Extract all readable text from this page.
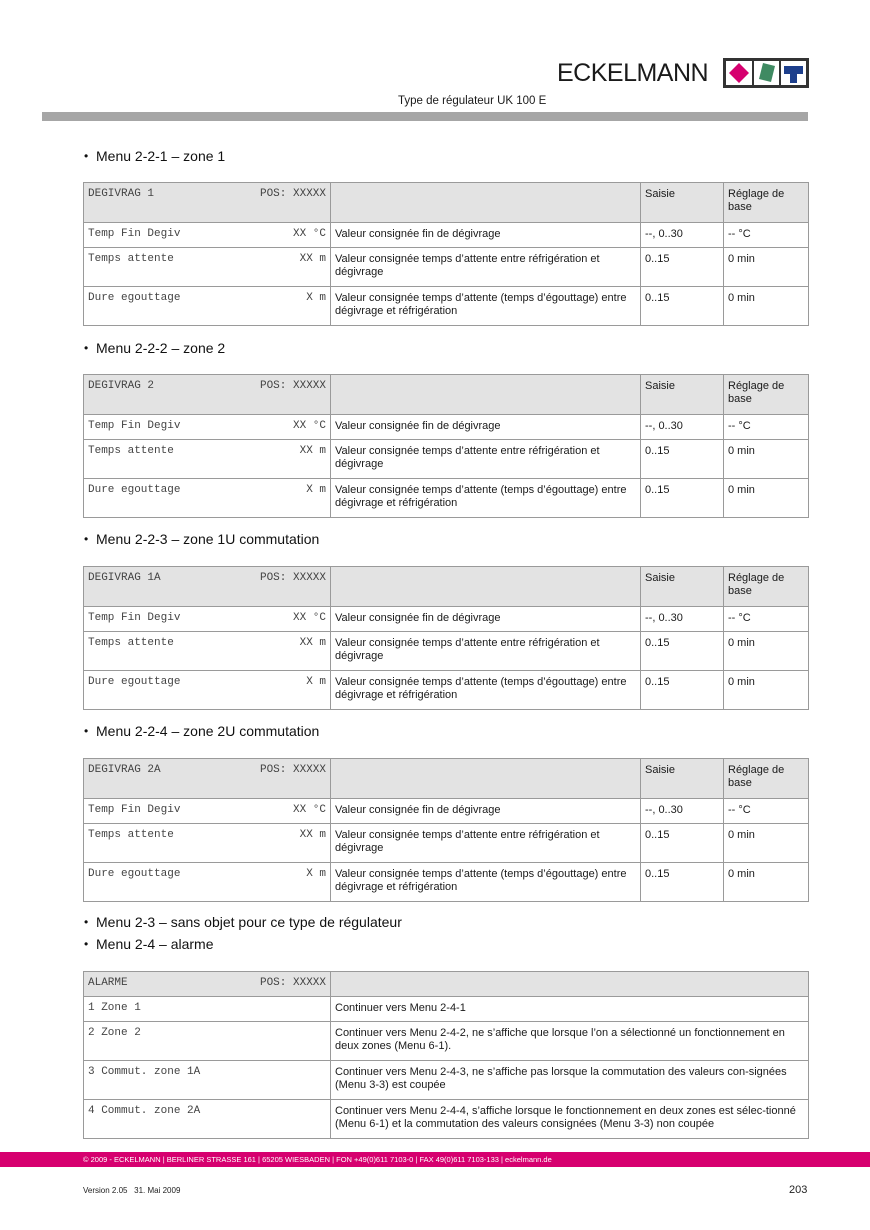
ECKELMANN
Type de régulateur UK 100 E
• Menu 2-2-1 – zone 1
DEGIVRAG 1 POS: XXXXX		Saisie	Réglage de base

Temp Fin Degiv XX °C	Valeur consignée fin de dégivrage	--, 0..30	-- °C

Temps attente XX m	Valeur consignée temps d’attente entre réfrigération et dégivrage	0..15	0 min

Dure egouttage X m	Valeur consignée temps d’attente (temps d’égouttage) entre dégivrage et réfrigération	0..15	0 min
• Menu 2-2-2 – zone 2
DEGIVRAG 2 POS: XXXXX		Saisie	Réglage de base

Temp Fin Degiv XX °C	Valeur consignée fin de dégivrage	--, 0..30	-- °C

Temps attente XX m	Valeur consignée temps d’attente entre réfrigération et dégivrage	0..15	0 min

Dure egouttage X m	Valeur consignée temps d’attente (temps d’égouttage) entre dégivrage et réfrigération	0..15	0 min
• Menu 2-2-3 – zone 1U commutation
DEGIVRAG 1A POS: XXXXX		Saisie	Réglage de base

Temp Fin Degiv XX °C	Valeur consignée fin de dégivrage	--, 0..30	-- °C

Temps attente XX m	Valeur consignée temps d’attente entre réfrigération et dégivrage	0..15	0 min

Dure egouttage X m	Valeur consignée temps d’attente (temps d’égouttage) entre dégivrage et réfrigération	0..15	0 min
• Menu 2-2-4 – zone 2U commutation
DEGIVRAG 2A POS: XXXXX		Saisie	Réglage de base

Temp Fin Degiv XX °C	Valeur consignée fin de dégivrage	--, 0..30	-- °C

Temps attente XX m	Valeur consignée temps d’attente entre réfrigération et dégivrage	0..15	0 min

Dure egouttage X m	Valeur consignée temps d’attente (temps d’égouttage) entre dégivrage et réfrigération	0..15	0 min
• Menu 2-3 – sans objet pour ce type de régulateur
• Menu 2-4 – alarme
ALARME POS: XXXXX	

1 Zone 1	Continuer vers Menu 2-4-1
2 Zone 2	Continuer vers Menu 2-4-2, ne s’affiche que lorsque l’on a sélectionné un fonctionnement en deux zones (Menu 6-1).
3 Commut. zone 1A	Continuer vers Menu 2-4-3, ne s’affiche pas lorsque la commutation des valeurs con-signées (Menu 3-3) est coupée
4 Commut. zone 2A	Continuer vers Menu 2-4-4, s’affiche lorsque le fonctionnement en deux zones est sélec-tionné (Menu 6-1) et la commutation des valeurs consignées (Menu 3-3) non coupée
© 2009 - ECKELMANN | BERLINER STRASSE 161 | 65205 WIESBADEN | FON +49(0)611 7103-0 | FAX 49(0)611 7103-133 | eckelmann.de
Version 2.05   31. Mai 2009	203
